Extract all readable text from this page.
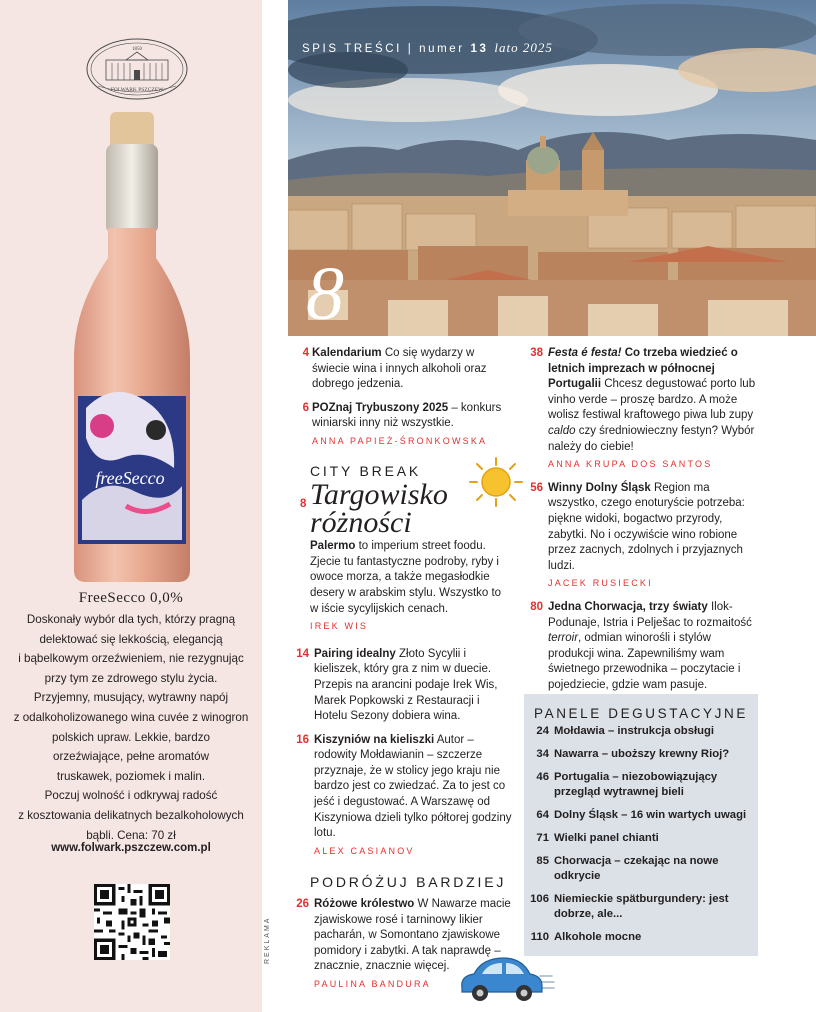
1850
FOLWARK PSZCZEW
freeSecco
FreeSecco 0,0%
Doskonały wybór dla tych, którzy pragną
delektować się lekkością, elegancją
i bąbelkowym orzeźwieniem, nie rezygnując
przy tym ze zdrowego stylu życia.
Przyjemny, musujący, wytrawny napój
z odalkoholizowanego wina cuvée z winogron
polskich upraw. Lekkie, bardzo
orzeźwiające, pełne aromatów
truskawek, poziomek i malin.
Poczuj wolność i odkrywaj radość
z kosztowania delikatnych bezalkoholowych
bąbli. Cena: 70 zł
www.folwark.pszczew.com.pl
REKLAMA
SPIS TREŚCI | numer 13 lato 2025
8
4 Kalendarium Co się wydarzy w świecie wina i innych alkoholi oraz dobrego jedzenia.
6 POZnaj Trybuszony 2025 – konkurs winiarski inny niż wszystkie.
ANNA PAPIEŻ-ŚRONKOWSKA
CITY BREAK
8 Targowisko
różności
Palermo to imperium street foodu. Zjecie tu fantastyczne podroby, ryby i owoce morza, a także megasłodkie desery w arabskim stylu. Wszystko to w iście sycylijskich cenach.
IREK WIS
14 Pairing idealny Złoto Sycylii i kieliszek, który gra z nim w duecie. Przepis na arancini podaje Irek Wis, Marek Popkowski z Restauracji i Hotelu Sezony dobiera wina.
16 Kiszyniów na kieliszki Autor – rodowity Mołdawianin – szczerze przyznaje, że w stolicy jego kraju nie bardzo jest co zwiedzać. Za to jest co jeść i degustować. A Warszawę od Kiszyniowa dzieli tylko półtorej godziny lotu.
ALEX CASIANOV
PODRÓŻUJ BARDZIEJ
26 Różowe królestwo W Nawarze macie zjawiskowe rosé i tarninowy likier pacharán, w Somontano zjawiskowe pomidory i zabytki. A tak naprawdę – znacznie, znacznie więcej.
PAULINA BANDURA
38 Festa é festa! Co trzeba wiedzieć o letnich imprezach w północnej Portugalii Chcesz degustować porto lub vinho verde – proszę bardzo. A może wolisz festiwal kraftowego piwa lub zupy caldo czy średniowieczny festyn? Wybór należy do ciebie!
ANNA KRUPA DOS SANTOS
56 Winny Dolny Śląsk Region ma wszystko, czego enoturyście potrzeba: piękne widoki, bogactwo przyrody, zabytki. No i oczywiście wino robione przez zacnych, zdolnych i przyjaznych ludzi.
JACEK RUSIECKI
80 Jedna Chorwacja, trzy światy Ilok-Podunaje, Istria i Pelješac to rozmaitość terroir, odmian winorośli i stylów produkcji wina. Zapewniliśmy wam świetnego przewodnika – poczytacie i pojedziecie, gdzie wam pasuje.
PANELE DEGUSTACYJNE
24 Mołdawia – instrukcja obsługi
34 Nawarra – uboższy krewny Rioj?
46 Portugalia – niezobowiązujący przegląd wytrawnej bieli
64 Dolny Śląsk – 16 win wartych uwagi
71 Wielki panel chianti
85 Chorwacja – czekając na nowe odkrycie
106 Niemieckie spätburgundery: jest dobrze, ale...
110 Alkohole mocne
